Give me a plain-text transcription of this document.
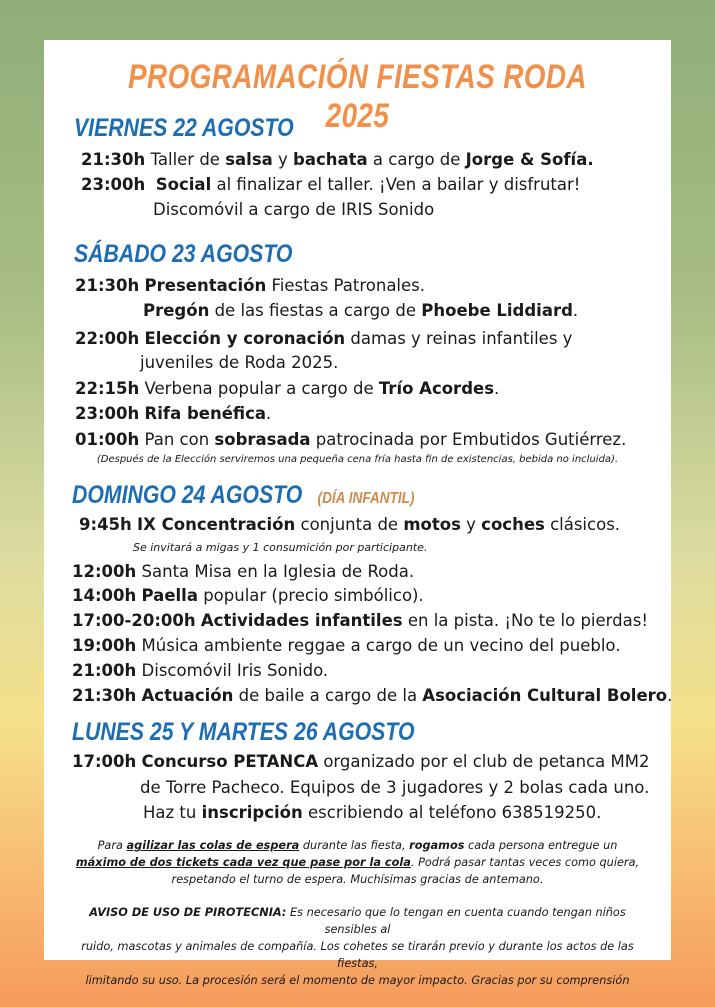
PROGRAMACIÓN FIESTAS RODA 2025
VIERNES 22 AGOSTO
21:30h Taller de salsa y bachata a cargo de Jorge & Sofía.
23:00h Social al finalizar el taller. ¡Ven a bailar y disfrutar!
Discomóvil a cargo de IRIS Sonido
SÁBADO 23 AGOSTO
21:30h Presentación Fiestas Patronales.
Pregón de las fiestas a cargo de Phoebe Liddiard.
22:00h Elección y coronación damas y reinas infantiles y
juveniles de Roda 2025.
22:15h Verbena popular a cargo de Trío Acordes.
23:00h Rifa benéfica.
01:00h Pan con sobrasada patrocinada por Embutidos Gutiérrez.
(Después de la Elección serviremos una pequeña cena fría hasta fin de existencias, bebida no incluida).
DOMINGO 24 AGOSTO (DÍA INFANTIL)
9:45h IX Concentración conjunta de motos y coches clásicos.
Se invitará a migas y 1 consumición por participante.
12:00h Santa Misa en la Iglesia de Roda.
14:00h Paella popular (precio simbólico).
17:00-20:00h Actividades infantiles en la pista. ¡No te lo pierdas!
19:00h Música ambiente reggae a cargo de un vecino del pueblo.
21:00h Discomóvil Iris Sonido.
21:30h Actuación de baile a cargo de la Asociación Cultural Bolero.
LUNES 25 Y MARTES 26 AGOSTO
17:00h Concurso PETANCA organizado por el club de petanca MM2
de Torre Pacheco. Equipos de 3 jugadores y 2 bolas cada uno.
Haz tu inscripción escribiendo al teléfono 638519250.
Para agilizar las colas de espera durante las fiesta, rogamos cada persona entregue un
máximo de dos tickets cada vez que pase por la cola. Podrá pasar tantas veces como quiera,
respetando el turno de espera. Muchísimas gracias de antemano.
AVISO DE USO DE PIROTECNIA: Es necesario que lo tengan en cuenta cuando tengan niños sensibles al
ruido, mascotas y animales de compañía. Los cohetes se tirarán previo y durante los actos de las fiestas,
limitando su uso. La procesión será el momento de mayor impacto. Gracias por su comprensión
